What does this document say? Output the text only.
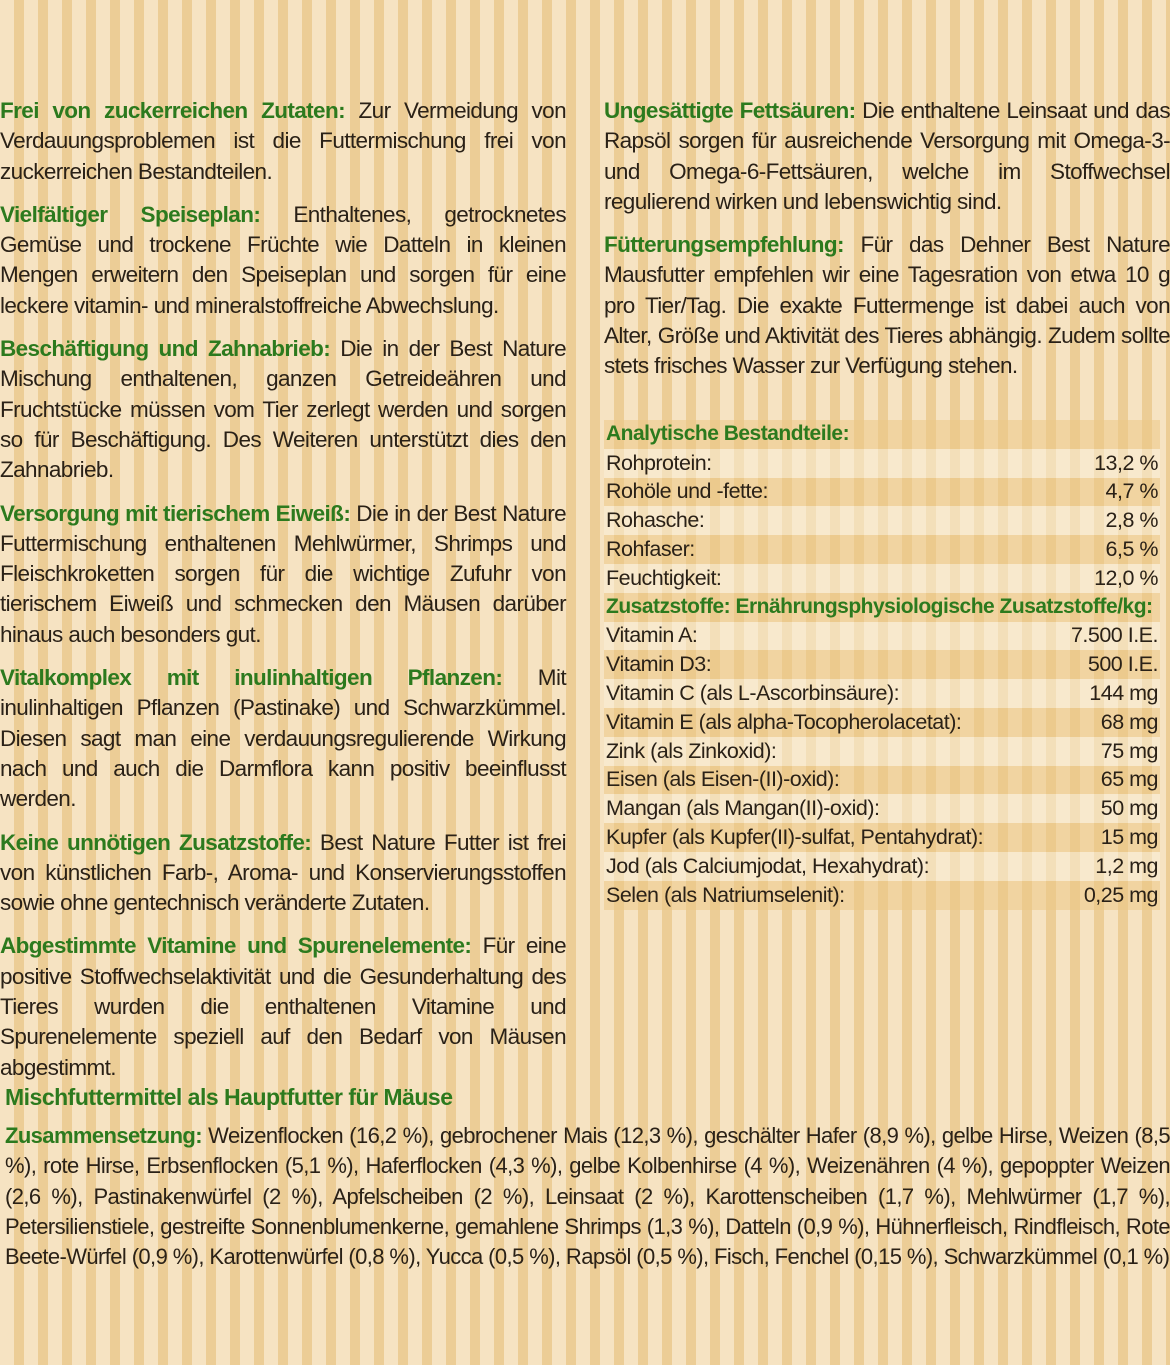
Frei von zuckerreichen Zutaten: Zur Vermeidung von Verdauungsproblemen ist die Futtermischung frei von zuckerreichen Bestandteilen.

Vielfältiger Speiseplan: Enthaltenes, getrocknetes Gemüse und trockene Früchte wie Datteln in kleinen Mengen erweitern den Speiseplan und sorgen für eine leckere vitamin- und mineralstoffreiche Abwechslung.

Beschäftigung und Zahnabrieb: Die in der Best Nature Mischung enthaltenen, ganzen Getreideähren und Fruchtstücke müssen vom Tier zerlegt werden und sorgen so für Beschäftigung. Des Weiteren unterstützt dies den Zahnabrieb.

Versorgung mit tierischem Eiweiß: Die in der Best Nature Futtermischung enthaltenen Mehlwürmer, Shrimps und Fleischkroketten sorgen für die wichtige Zufuhr von tierischem Eiweiß und schmecken den Mäusen darüber hinaus auch besonders gut.

Vitalkomplex mit inulinhaltigen Pflanzen: Mit inulinhaltigen Pflanzen (Pastinake) und Schwarzkümmel. Diesen sagt man eine verdauungsregulierende Wirkung nach und auch die Darmflora kann positiv beeinflusst werden.

Keine unnötigen Zusatzstoffe: Best Nature Futter ist frei von künstlichen Farb-, Aroma- und Konservierungsstoffen sowie ohne gentechnisch veränderte Zutaten.

Abgestimmte Vitamine und Spurenelemente: Für eine positive Stoffwechselaktivität und die Gesunderhaltung des Tieres wurden die enthaltenen Vitamine und Spurenelemente speziell auf den Bedarf von Mäusen abgestimmt.

Ungesättigte Fettsäuren: Die enthaltene Leinsaat und das Rapsöl sorgen für ausreichende Versorgung mit Omega-3- und Omega-6-Fettsäuren, welche im Stoffwechsel regulierend wirken und lebenswichtig sind.

Fütterungsempfehlung: Für das Dehner Best Nature Mausfutter empfehlen wir eine Tagesration von etwa 10 g pro Tier/Tag. Die exakte Futtermenge ist dabei auch von Alter, Größe und Aktivität des Tieres abhängig. Zudem sollte stets frisches Wasser zur Verfügung stehen.

Analytische Bestandteile:
Rohprotein:	13,2 %
Rohöle und -fette:	4,7 %
Rohasche:	2,8 %
Rohfaser:	6,5 %
Feuchtigkeit:	12,0 %
Zusatzstoffe: Ernährungsphysiologische Zusatzstoffe/kg:
Vitamin A:	7.500 I.E.
Vitamin D3:	500 I.E.
Vitamin C (als L-Ascorbinsäure):	144 mg
Vitamin E (als alpha-Tocopherolacetat):	68 mg
Zink (als Zinkoxid):	75 mg
Eisen (als Eisen-(II)-oxid):	65 mg
Mangan (als Mangan(II)-oxid):	50 mg
Kupfer (als Kupfer(II)-sulfat, Pentahydrat):	15 mg
Jod (als Calciumjodat, Hexahydrat):	1,2 mg
Selen (als Natriumselenit):	0,25 mg
Mischfuttermittel als Hauptfutter für Mäuse

Zusammensetzung: Weizenflocken (16,2 %), gebrochener Mais (12,3 %), geschälter Hafer (8,9 %), gelbe Hirse, Weizen (8,5 %), rote Hirse, Erbsenflocken (5,1 %), Haferflocken (4,3 %), gelbe Kolbenhirse (4 %), Weizenähren (4 %), gepoppter Weizen (2,6 %), Pastinakenwürfel (2 %), Apfelscheiben (2 %), Leinsaat (2 %), Karottenscheiben (1,7 %), Mehlwürmer (1,7 %), Petersilienstiele, gestreifte Sonnenblumenkerne, gemahlene Shrimps (1,3 %), Datteln (0,9 %), Hühnerfleisch, Rindfleisch, Rote Beete-Würfel (0,9 %), Karottenwürfel (0,8 %), Yucca (0,5 %), Rapsöl (0,5 %), Fisch, Fenchel (0,15 %), Schwarzkümmel (0,1 %)
